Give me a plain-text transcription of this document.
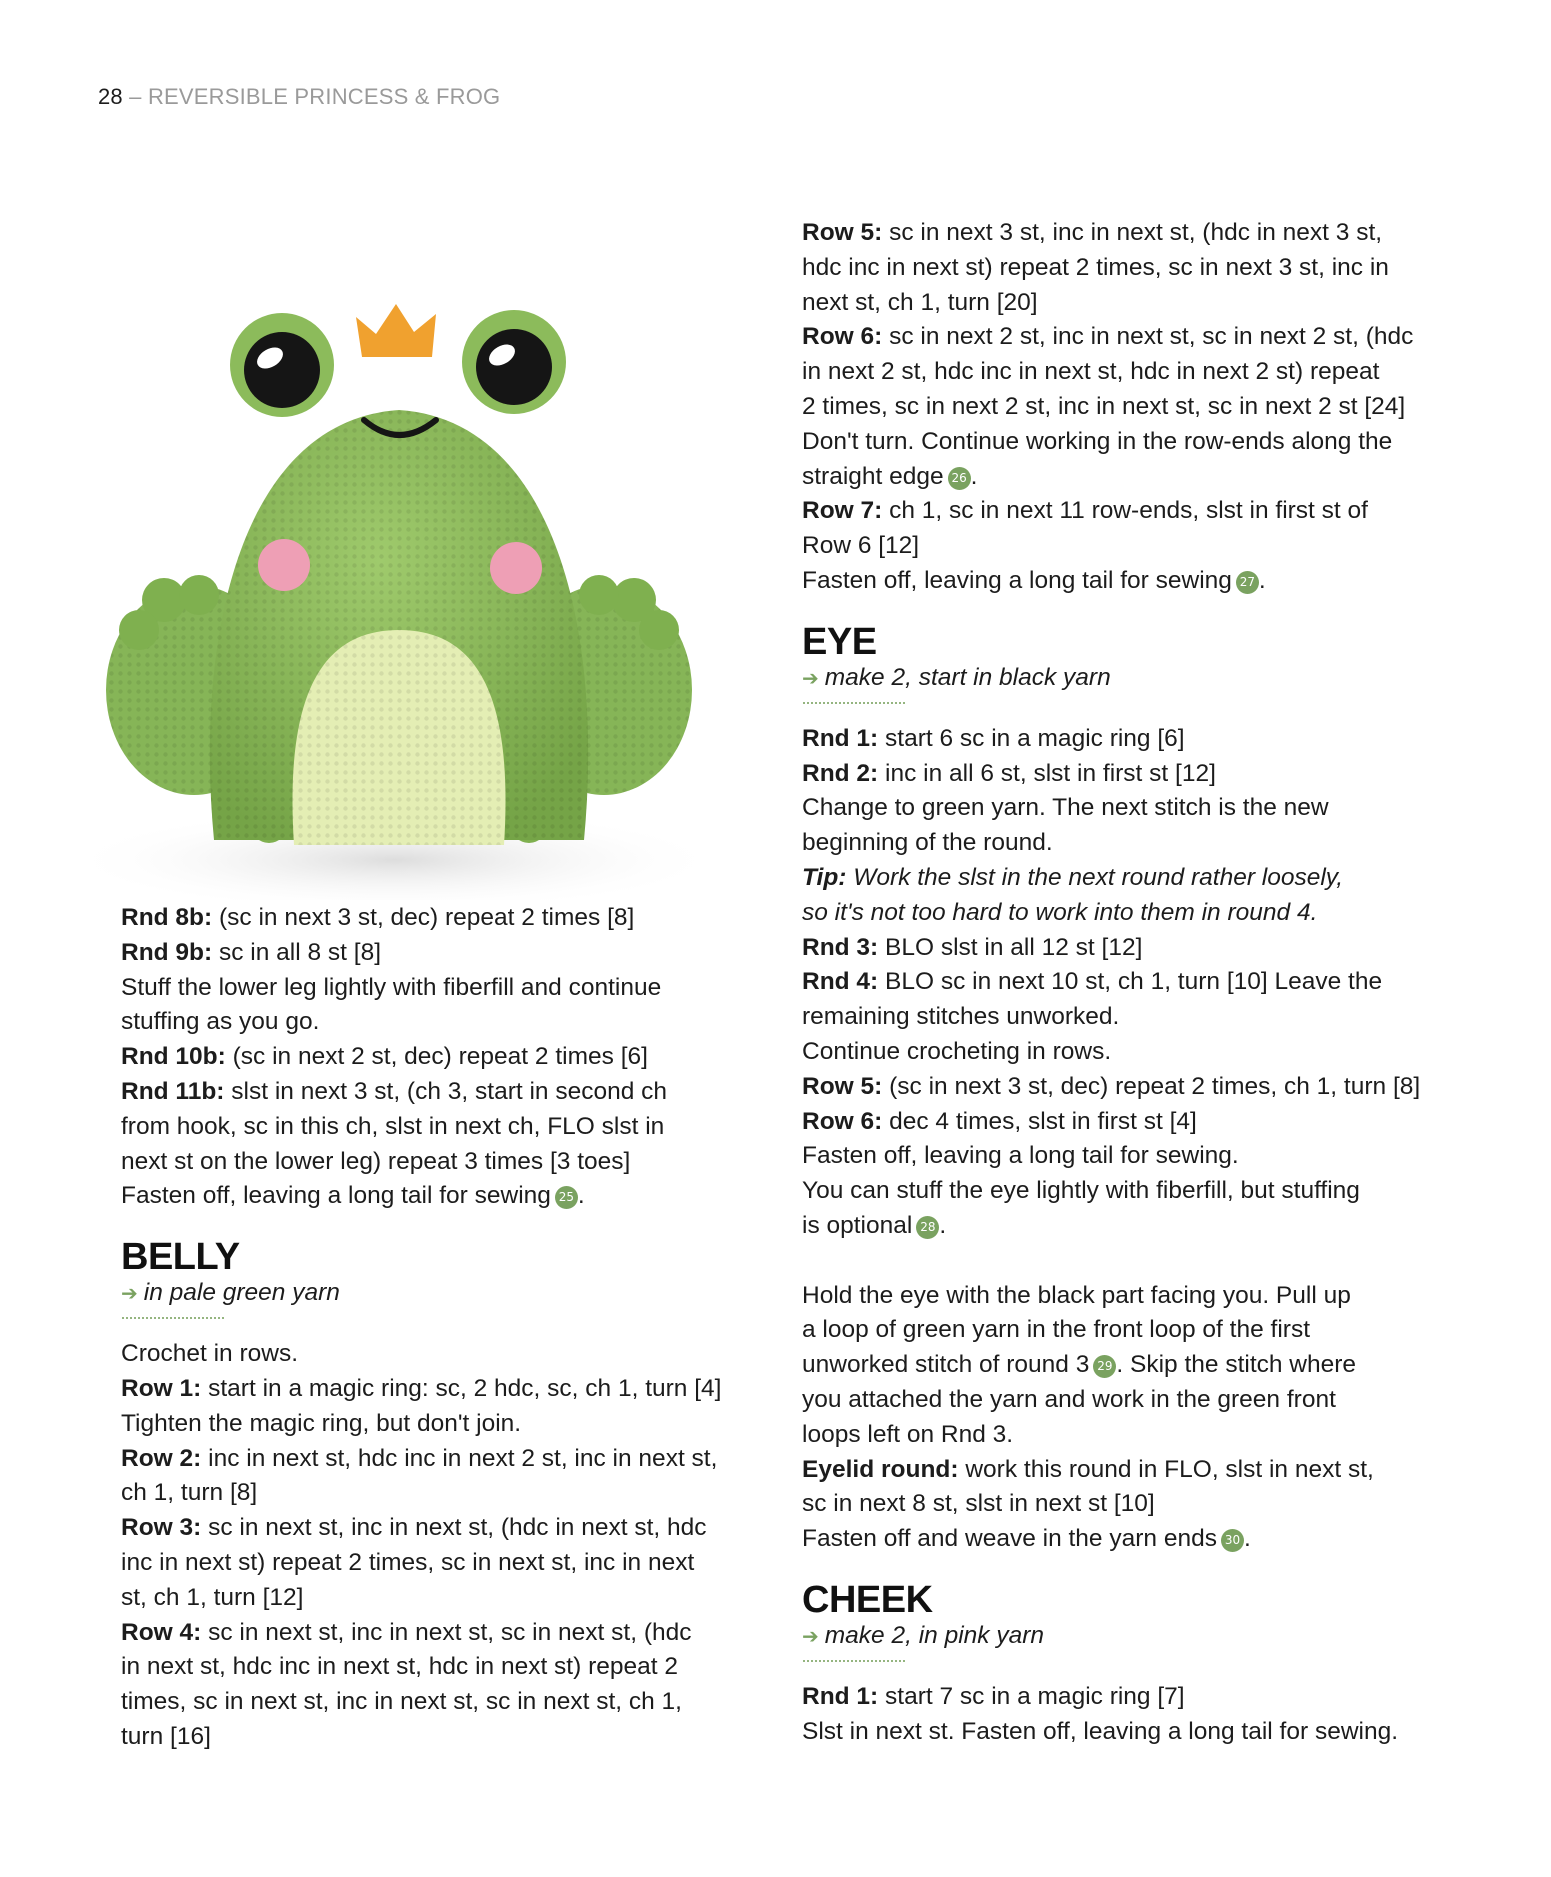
28 – REVERSIBLE PRINCESS & FROG
Rnd 8b: (sc in next 3 st, dec) repeat 2 times [8]
Rnd 9b: sc in all 8 st [8]
Stuff the lower leg lightly with fiberfill and continue
stuffing as you go.
Rnd 10b: (sc in next 2 st, dec) repeat 2 times [6]
Rnd 11b: slst in next 3 st, (ch 3, start in second ch
from hook, sc in this ch, slst in next ch, FLO slst in
next st on the lower leg) repeat 3 times [3 toes]
Fasten off, leaving a long tail for sewing 25 .
BELLY
➔ in pale green yarn
Crochet in rows.
Row 1: start in a magic ring: sc, 2 hdc, sc, ch 1, turn [4]
Tighten the magic ring, but don't join.
Row 2: inc in next st, hdc inc in next 2 st, inc in next st,
ch 1, turn [8]
Row 3: sc in next st, inc in next st, (hdc in next st, hdc
inc in next st) repeat 2 times, sc in next st, inc in next
st, ch 1, turn [12]
Row 4: sc in next st, inc in next st, sc in next st, (hdc
in next st, hdc inc in next st, hdc in next st) repeat 2
times, sc in next st, inc in next st, sc in next st, ch 1,
turn [16]
Row 5: sc in next 3 st, inc in next st, (hdc in next 3 st,
hdc inc in next st) repeat 2 times, sc in next 3 st, inc in
next st, ch 1, turn [20]
Row 6: sc in next 2 st, inc in next st, sc in next 2 st, (hdc
in next 2 st, hdc inc in next st, hdc in next 2 st) repeat
2 times, sc in next 2 st, inc in next st, sc in next 2 st [24]
Don't turn. Continue working in the row-ends along the
straight edge 26 .
Row 7: ch 1, sc in next 11 row-ends, slst in first st of
Row 6 [12]
Fasten off, leaving a long tail for sewing 27 .
EYE
➔ make 2, start in black yarn
Rnd 1: start 6 sc in a magic ring [6]
Rnd 2: inc in all 6 st, slst in first st [12]
Change to green yarn. The next stitch is the new
beginning of the round.
Tip: Work the slst in the next round rather loosely,
so it's not too hard to work into them in round 4.
Rnd 3: BLO slst in all 12 st [12]
Rnd 4: BLO sc in next 10 st, ch 1, turn [10] Leave the
remaining stitches unworked.
Continue crocheting in rows.
Row 5: (sc in next 3 st, dec) repeat 2 times, ch 1, turn [8]
Row 6: dec 4 times, slst in first st [4]
Fasten off, leaving a long tail for sewing.
You can stuff the eye lightly with fiberfill, but stuffing
is optional 28 .
Hold the eye with the black part facing you. Pull up
a loop of green yarn in the front loop of the first
unworked stitch of round 3 29 . Skip the stitch where
you attached the yarn and work in the green front
loops left on Rnd 3.
Eyelid round: work this round in FLO, slst in next st,
sc in next 8 st, slst in next st [10]
Fasten off and weave in the yarn ends 30 .
CHEEK
➔ make 2, in pink yarn
Rnd 1: start 7 sc in a magic ring [7]
Slst in next st. Fasten off, leaving a long tail for sewing.
